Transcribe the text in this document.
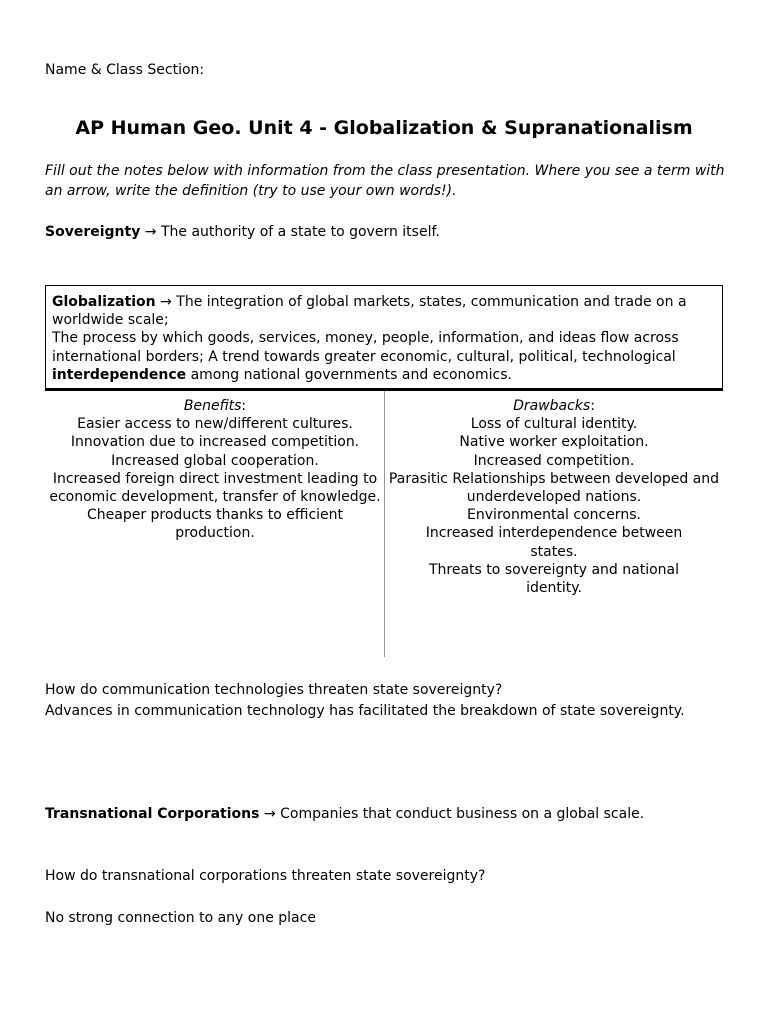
Name & Class Section:
AP Human Geo. Unit 4 - Globalization & Supranationalism
Fill out the notes below with information from the class presentation. Where you see a term with an arrow, write the definition (try to use your own words!).
Sovereignty → The authority of a state to govern itself.
Globalization → The integration of global markets, states, communication and trade on a worldwide scale;
The process by which goods, services, money, people, information, and ideas flow across international borders; A trend towards greater economic, cultural, political, technological interdependence among national governments and economics.
Benefits:
Easier access to new/different cultures.
Innovation due to increased competition.
Increased global cooperation.
Increased foreign direct investment leading to economic development, transfer of knowledge.
Cheaper products thanks to efficient production.
Drawbacks:
Loss of cultural identity.
Native worker exploitation.
Increased competition.
Parasitic Relationships between developed and underdeveloped nations.
Environmental concerns.
Increased interdependence between states.
Threats to sovereignty and national identity.
How do communication technologies threaten state sovereignty?
Advances in communication technology has facilitated the breakdown of state sovereignty.
Transnational Corporations → Companies that conduct business on a global scale.
How do transnational corporations threaten state sovereignty?
No strong connection to any one place
